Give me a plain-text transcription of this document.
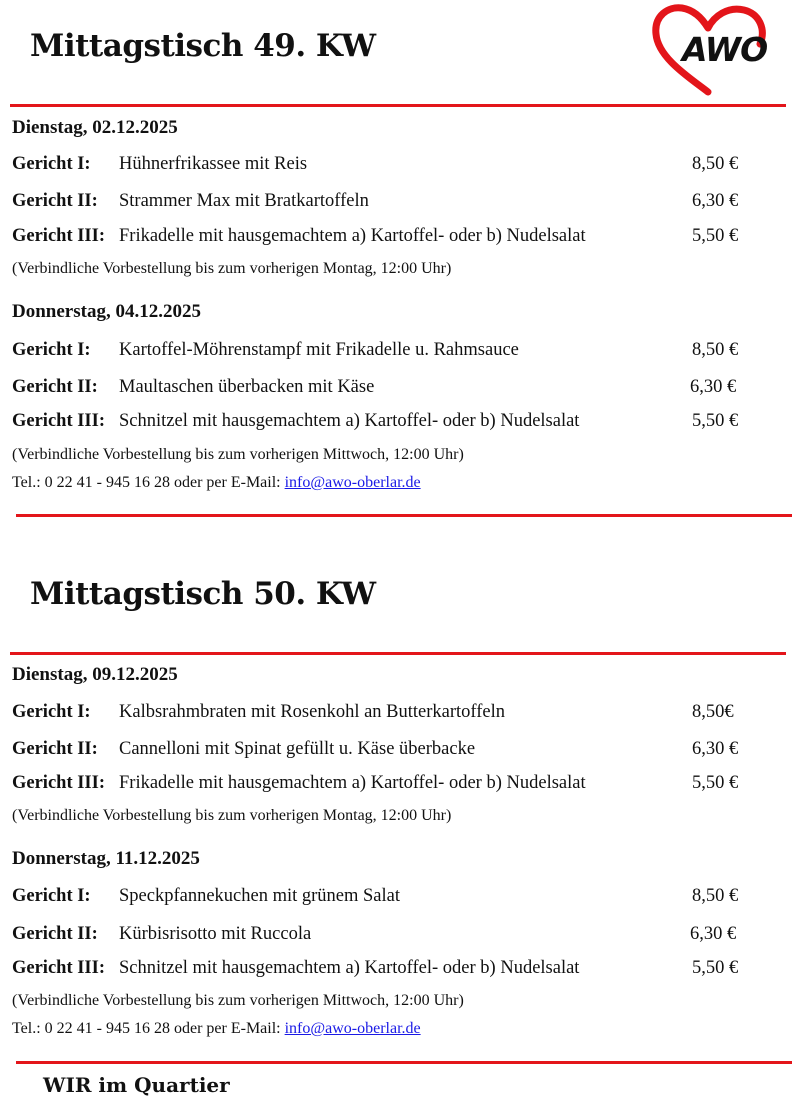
AWO
Mittagstisch 49. KW
Dienstag, 02.12.2025
Gericht I: Hühnerfrikassee mit Reis	8,50 €
Gericht II: Strammer Max mit Bratkartoffeln	6,30 €
Gericht III: Frikadelle mit hausgemachtem a) Kartoffel- oder b) Nudelsalat	5,50 €
(Verbindliche Vorbestellung bis zum vorherigen Montag, 12:00 Uhr)
Donnerstag, 04.12.2025
Gericht I: Kartoffel-Möhrenstampf mit Frikadelle u. Rahmsauce	8,50 €
Gericht II: Maultaschen überbacken mit Käse	6,30 €
Gericht III: Schnitzel mit hausgemachtem a) Kartoffel- oder b) Nudelsalat	5,50 €
(Verbindliche Vorbestellung bis zum vorherigen Mittwoch, 12:00 Uhr)
Tel.: 0 22 41 - 945 16 28 oder per E-Mail: info@awo-oberlar.de
Mittagstisch 50. KW
Dienstag, 09.12.2025
Gericht I: Kalbsrahmbraten mit Rosenkohl an Butterkartoffeln	8,50€
Gericht II: Cannelloni mit Spinat gefüllt u. Käse überbacke	6,30 €
Gericht III: Frikadelle mit hausgemachtem a) Kartoffel- oder b) Nudelsalat	5,50 €
(Verbindliche Vorbestellung bis zum vorherigen Montag, 12:00 Uhr)
Donnerstag, 11.12.2025
Gericht I: Speckpfannekuchen mit grünem Salat	8,50 €
Gericht II: Kürbisrisotto mit Ruccola	6,30 €
Gericht III: Schnitzel mit hausgemachtem a) Kartoffel- oder b) Nudelsalat	5,50 €
(Verbindliche Vorbestellung bis zum vorherigen Mittwoch, 12:00 Uhr)
Tel.: 0 22 41 - 945 16 28 oder per E-Mail: info@awo-oberlar.de
WIR im Quartier
